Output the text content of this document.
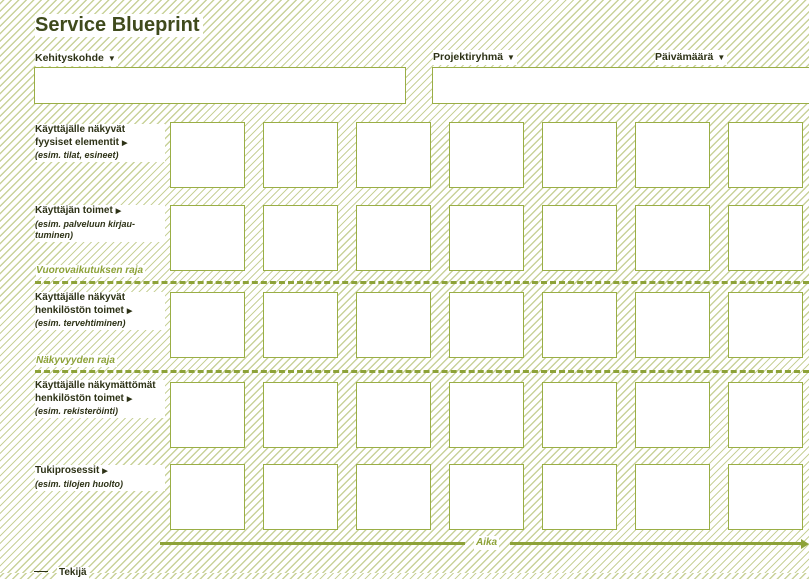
Service Blueprint
Kehityskohde ▼	Projektiryhmä ▼	Päivämäärä ▼
Käyttäjälle näkyvät
fyysiset elementit ▶
(esim. tilat, esineet)
Käyttäjän toimet ▶
(esim. palveluun kirjau-
tuminen)
Vuorovaikutuksen raja
Käyttäjälle näkyvät
henkilöstön toimet ▶
(esim. tervehtiminen)
Näkyvyyden raja
Käyttäjälle näkymättömät
henkilöstön toimet ▶
(esim. rekisteröinti)
Tukiprosessit ▶
(esim. tilojen huolto)
Aika
Tekijä
